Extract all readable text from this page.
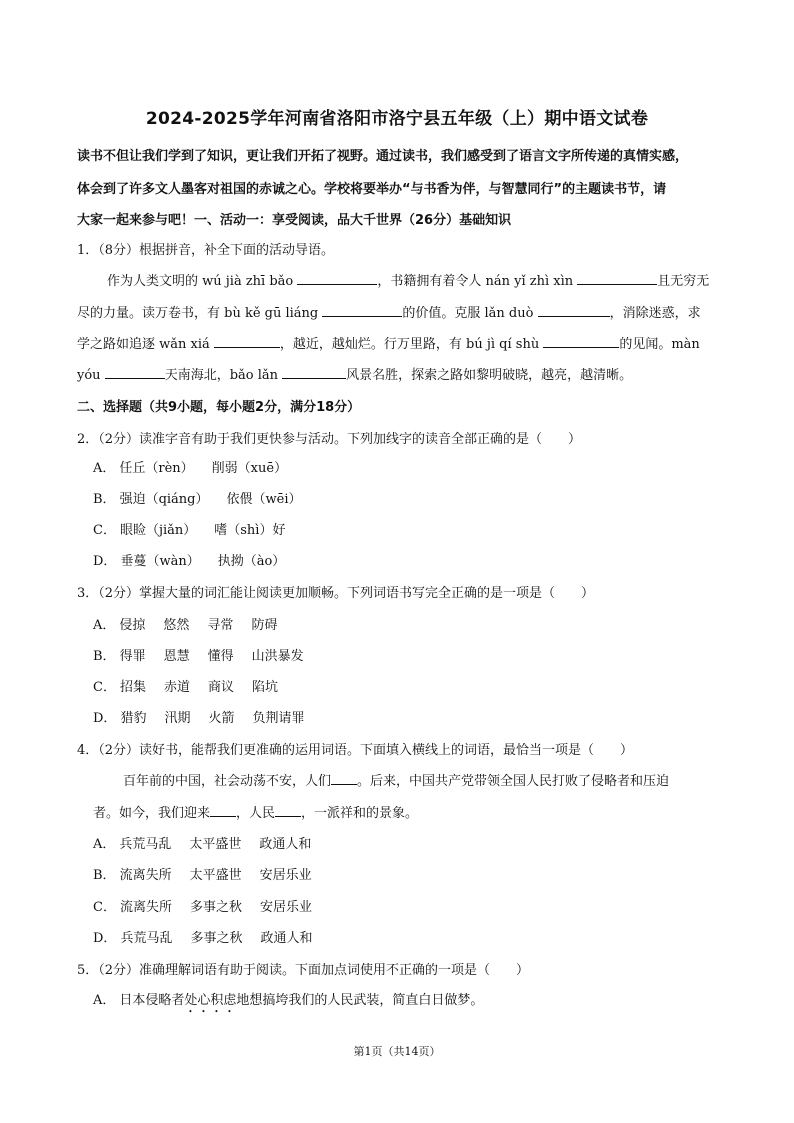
2024-2025学年河南省洛阳市洛宁县五年级（上）期中语文试卷
读书不但让我们学到了知识，更让我们开拓了视野。通过读书，我们感受到了语言文字所传递的真情实感，
体会到了许多文人墨客对祖国的赤诚之心。学校将要举办“与书香为伴，与智慧同行”的主题读书节，请
大家一起来参与吧！一、活动一：享受阅读，品大千世界（26分）基础知识
1．（8分）根据拼音，补全下面的活动导语。
作为人类文明的 wú jià zhī bǎo	，书籍拥有着令人 nán yǐ zhì xìn	且无穷无
尽的力量。读万卷书，有 bù kě gū liáng	的价值。克服 lǎn duò	，消除迷惑，求
学之路如追逐 wǎn xiá	，越近，越灿烂。行万里路，有 bú jì qí shù	的见闻。màn
yóu	天南海北，bǎo lǎn	风景名胜，探索之路如黎明破晓，越亮，越清晰。
二、选择题（共9小题，每小题2分，满分18分）
2．（2分）读准字音有助于我们更快参与活动。下列加线字的读音全部正确的是（　　）
A． 任丘（rèn） 削弱（xuē）
B． 强迫（qiáng） 依偎（wēi）
C． 眼睑（jiǎn） 嗜（shì）好
D． 垂蔓（wàn） 执拗（ào）
3．（2分）掌握大量的词汇能让阅读更加顺畅。下列词语书写完全正确的是一项是（　　）
A． 侵掠 悠然 寻常 防碍
B． 得罪 恩慧 懂得 山洪暴发
C． 招集 赤道 商议 陷坑
D． 猎豹 汛期 火箭 负荆请罪
4．（2分）读好书，能帮我们更准确的运用词语。下面填入横线上的词语，最恰当一项是（　　）
百年前的中国，社会动荡不安，人们 。后来，中国共产党带领全国人民打败了侵略者和压迫
者。如今，我们迎来 ，人民 ，一派祥和的景象。
A． 兵荒马乱 太平盛世 政通人和
B． 流离失所 太平盛世 安居乐业
C． 流离失所 多事之秋 安居乐业
D． 兵荒马乱 多事之秋 政通人和
5．（2分）准确理解词语有助于阅读。下面加点词使用不正确的一项是（　　）
A． 日本侵略者处心积虑地想搞垮我们的人民武装，简直白日做梦。
第1页（共14页）
